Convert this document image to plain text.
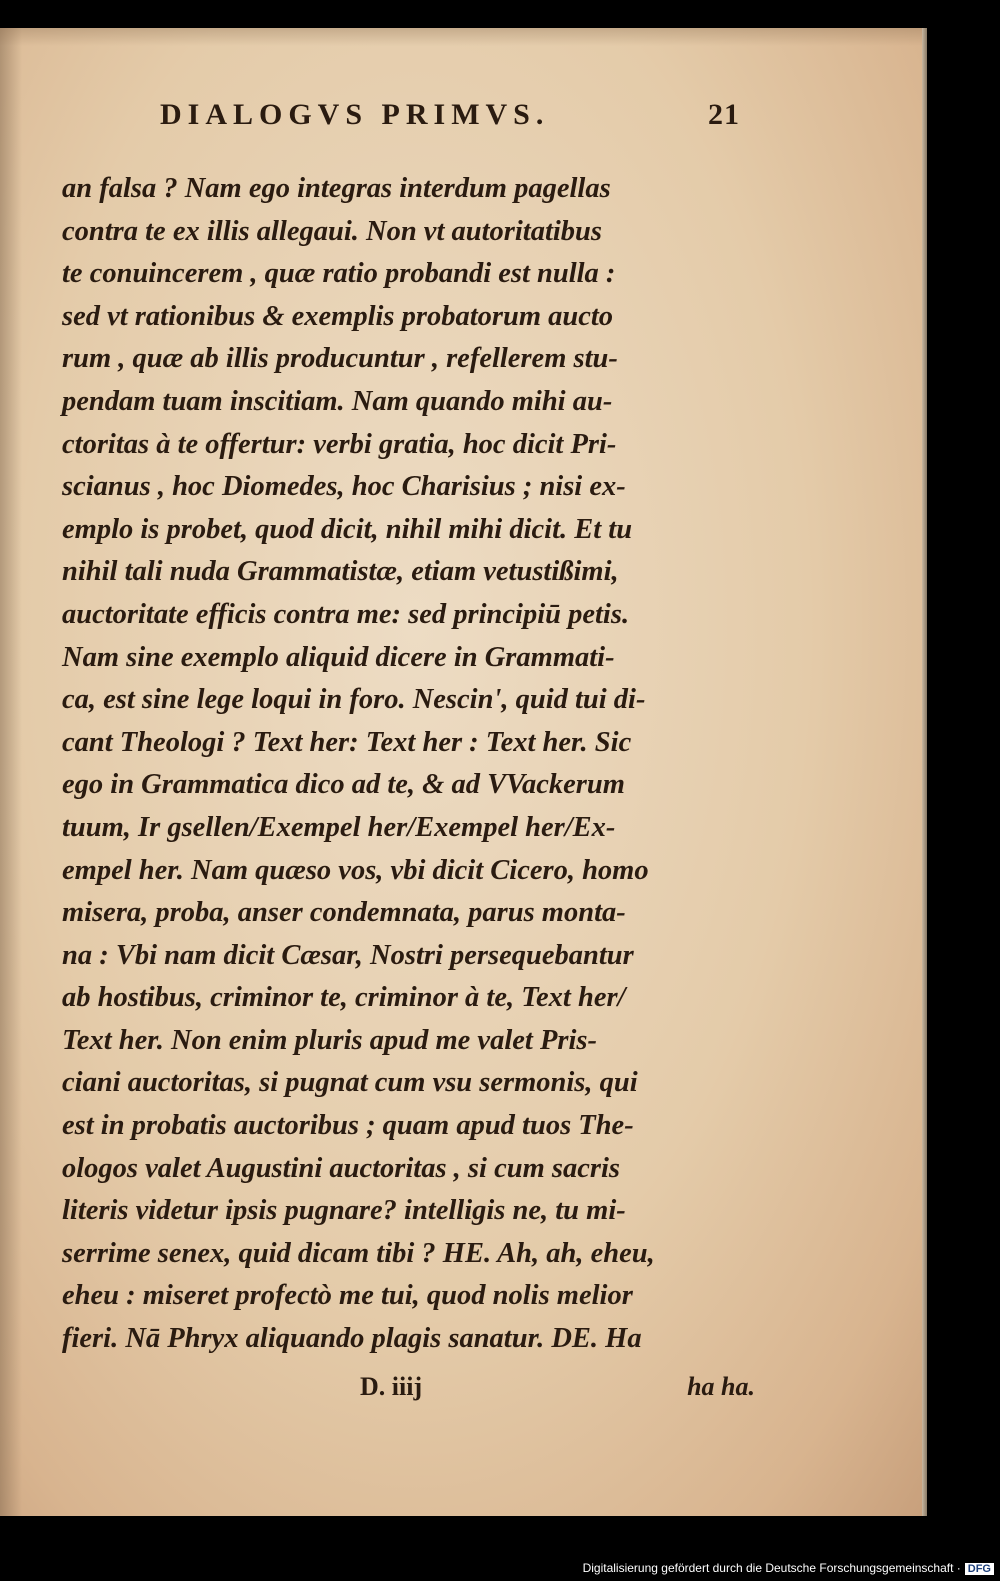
DIALOGVS PRIMVS.	21
an falsa ? Nam ego integras interdum pagellas
contra te ex illis allegaui. Non vt autoritatibus
te conuincerem , quæ ratio probandi est nulla :
sed vt rationibus & exemplis probatorum aucto
rum , quæ ab illis producuntur , refellerem stu-
pendam tuam inscitiam. Nam quando mihi au-
ctoritas à te offertur: verbi gratia, hoc dicit Pri-
scianus , hoc Diomedes, hoc Charisius ; nisi ex-
emplo is probet, quod dicit, nihil mihi dicit. Et tu
nihil tali nuda Grammatistæ, etiam vetustißimi,
auctoritate efficis contra me: sed principiū petis.
Nam sine exemplo aliquid dicere in Grammati-
ca, est sine lege loqui in foro. Nescin', quid tui di-
cant Theologi ? Text her: Text her : Text her. Sic
ego in Grammatica dico ad te, & ad VVackerum
tuum, Ir gsellen/Exempel her/Exempel her/Ex-
empel her. Nam quæso vos, vbi dicit Cicero, homo
misera, proba, anser condemnata, parus monta-
na : Vbi nam dicit Cæsar, Nostri persequebantur
ab hostibus, criminor te, criminor à te, Text her/
Text her. Non enim pluris apud me valet Pris-
ciani auctoritas, si pugnat cum vsu sermonis, qui
est in probatis auctoribus ; quam apud tuos The-
ologos valet Augustini auctoritas , si cum sacris
literis videtur ipsis pugnare? intelligis ne, tu mi-
serrime senex, quid dicam tibi ? HE. Ah, ah, eheu,
eheu : miseret profectò me tui, quod nolis melior
fieri. Nā Phryx aliquando plagis sanatur. DE. Ha
D. iiij	ha ha.
Digitalisierung gefördert durch die Deutsche Forschungsgemeinschaft · DFG
